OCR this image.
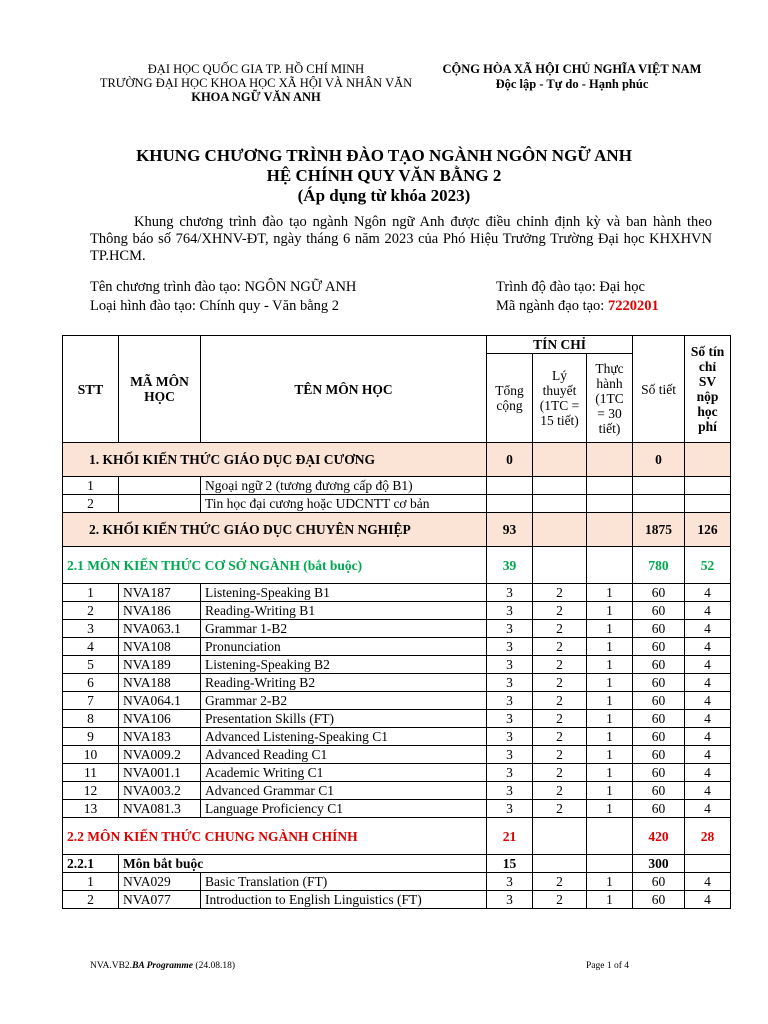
ĐẠI HỌC QUỐC GIA TP. HỒ CHÍ MINH
TRƯỜNG ĐẠI HỌC KHOA HỌC XÃ HỘI VÀ NHÂN VĂN
KHOA NGỮ VĂN ANH
CỘNG HÒA XÃ HỘI CHỦ NGHĨA VIỆT NAM
Độc lập - Tự do - Hạnh phúc
KHUNG CHƯƠNG TRÌNH ĐÀO TẠO NGÀNH NGÔN NGỮ ANH
HỆ CHÍNH QUY VĂN BẰNG 2
(Áp dụng từ khóa 2023)

Khung chương trình đào tạo ngành Ngôn ngữ Anh được điều chỉnh định kỳ và ban hành theo Thông báo số 764/XHNV-ĐT, ngày tháng 6 năm 2023 của Phó Hiệu Trưởng Trường Đại học KHXHVN TP.HCM.

Tên chương trình đào tạo: NGÔN NGỮ ANH
Loại hình đào tạo: Chính quy - Văn bằng 2
Trình độ đào tạo: Đại học
Mã ngành đạo tạo: 7220201
STT	MÃ MÔN HỌC	TÊN MÔN HỌC	TÍN CHỈ			Số tiết	Số tín chỉ SV nộp học phí
			Tổng cộng	Lý thuyết (1TC = 15 tiết)	Thực hành (1TC = 30 tiết)		
1. KHỐI KIẾN THỨC GIÁO DỤC ĐẠI CƯƠNG			0			0	
1		Ngoại ngữ 2 (tương đương cấp độ B1)					
2		Tin học đại cương hoặc UDCNTT cơ bản					
2. KHỐI KIẾN THỨC GIÁO DỤC CHUYÊN NGHIỆP			93			1875	126
2.1 MÔN KIẾN THỨC CƠ SỞ NGÀNH (bắt buộc)			39			780	52
1	NVA187	Listening-Speaking B1	3	2	1	60	4
2	NVA186	Reading-Writing B1	3	2	1	60	4
3	NVA063.1	Grammar 1-B2	3	2	1	60	4
4	NVA108	Pronunciation	3	2	1	60	4
5	NVA189	Listening-Speaking B2	3	2	1	60	4
6	NVA188	Reading-Writing B2	3	2	1	60	4
7	NVA064.1	Grammar 2-B2	3	2	1	60	4
8	NVA106	Presentation Skills (FT)	3	2	1	60	4
9	NVA183	Advanced Listening-Speaking C1	3	2	1	60	4
10	NVA009.2	Advanced Reading C1	3	2	1	60	4
11	NVA001.1	Academic Writing C1	3	2	1	60	4
12	NVA003.2	Advanced Grammar C1	3	2	1	60	4
13	NVA081.3	Language Proficiency C1	3	2	1	60	4
2.2 MÔN KIẾN THỨC CHUNG NGÀNH CHÍNH			21			420	28
2.2.1	Môn bắt buộc		15			300	
1	NVA029	Basic Translation (FT)	3	2	1	60	4
2	NVA077	Introduction to English Linguistics (FT)	3	2	1	60	4
NVA.VB2.BA Programme (24.08.18)	Page 1 of 4
